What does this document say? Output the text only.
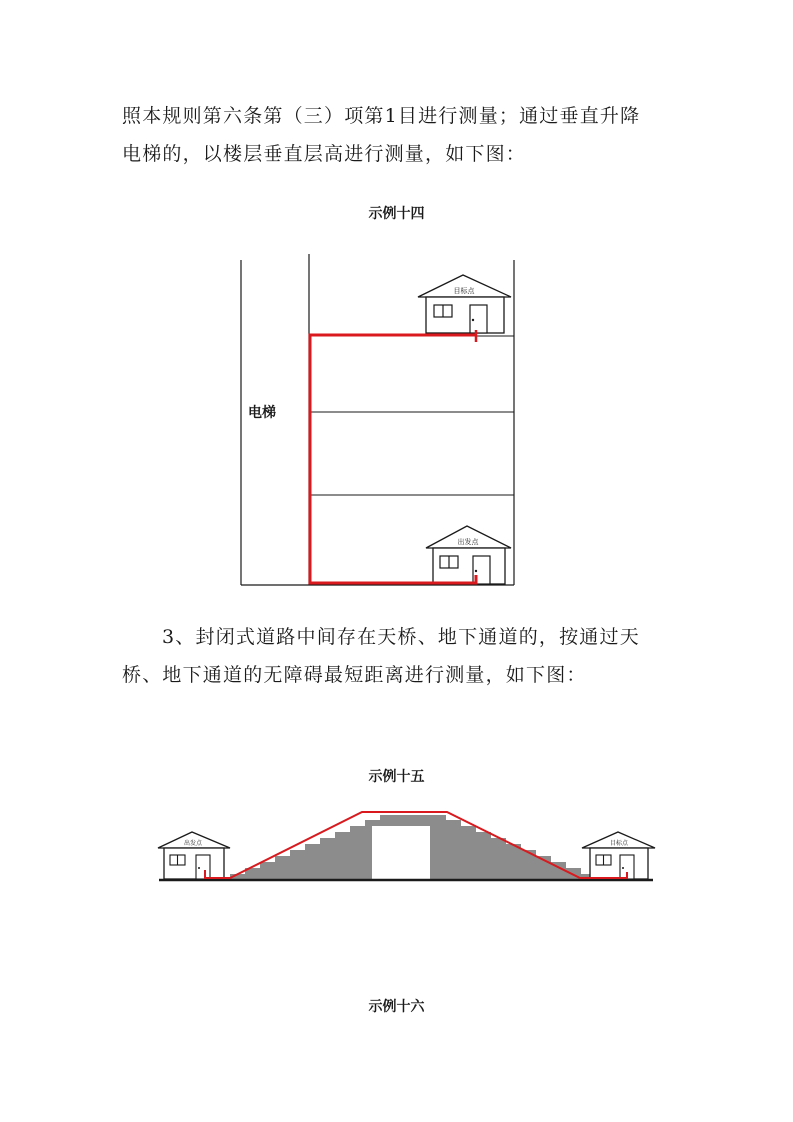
照本规则第六条第（三）项第1目进行测量；通过垂直升降
电梯的，以楼层垂直层高进行测量，如下图：
示例十四
电梯
目标点
出发点
3、封闭式道路中间存在天桥、地下通道的，按通过天
桥、地下通道的无障碍最短距离进行测量，如下图：
示例十五
出发点	目标点
示例十六
